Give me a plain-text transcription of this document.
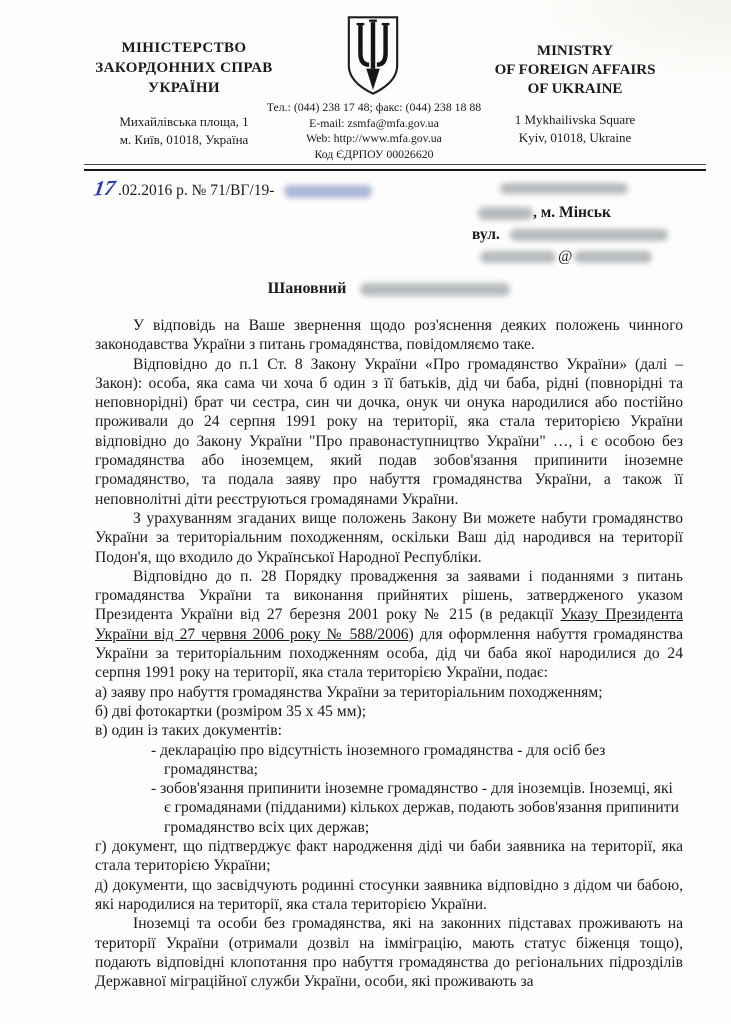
МІНІСТЕРСТВО
ЗАКОРДОННИХ СПРАВ
УКРАЇНИ
Михайлівська площа, 1
м. Київ, 01018, Україна
Тел.: (044) 238 17 48; факс: (044) 238 18 88
E-mail: zsmfa@mfa.gov.ua
Web: http://www.mfa.gov.ua
Код ЄДРПОУ 00026620
MINISTRY
OF FOREIGN AFFAIRS
OF UKRAINE
1 Mykhailivska Square
Kyiv, 01018, Ukraine
17.02.2016 р. № 71/ВГ/19-
, м. Мінськ
вул.
@
Шановний

У відповідь на Ваше звернення щодо роз'яснення деяких положень чинного законодавства України з питань громадянства, повідомляємо таке.

Відповідно до п.1 Ст. 8 Закону України «Про громадянство України» (далі – Закон): особа, яка сама чи хоча б один з її батьків, дід чи баба, рідні (повнорідні та неповнорідні) брат чи сестра, син чи дочка, онук чи онука народилися або постійно проживали до 24 серпня 1991 року на території, яка стала територією України відповідно до Закону України "Про правонаступництво України" …, і є особою без громадянства або іноземцем, який подав зобов'язання припинити іноземне громадянство, та подала заяву про набуття громадянства України, а також її неповнолітні діти реєструються громадянами України.

З урахуванням згаданих вище положень Закону Ви можете набути громадянство України за територіальним походженням, оскільки Ваш дід народився на території Подон'я, що входило до Української Народної Республіки.

Відповідно до п. 28 Порядку провадження за заявами і поданнями з питань громадянства України та виконання прийнятих рішень, затвердженого указом Президента України від 27 березня 2001 року № 215 (в редакції Указу Президента України від 27 червня 2006 року № 588/2006) для оформлення набуття громадянства України за територіальним походженням особа, дід чи баба якої народилися до 24 серпня 1991 року на території, яка стала територією України, подає:

а) заяву про набуття громадянства України за територіальним походженням;

б) дві фотокартки (розміром 35 х 45 мм);

в) один із таких документів:

- декларацію про відсутність іноземного громадянства - для осіб без громадянства;

- зобов'язання припинити іноземне громадянство - для іноземців. Іноземці, які є громадянами (підданими) кількох держав, подають зобов'язання припинити громадянство всіх цих держав;

г) документ, що підтверджує факт народження діді чи баби заявника на території, яка стала територією України;

д) документи, що засвідчують родинні стосунки заявника відповідно з дідом чи бабою, які народилися на території, яка стала територією України.

Іноземці та особи без громадянства, які на законних підставах проживають на території України (отримали дозвіл на імміграцію, мають статус біженця тощо), подають відповідні клопотання про набуття громадянства до регіональних підрозділів Державної міграційної служби України, особи, які проживають за
